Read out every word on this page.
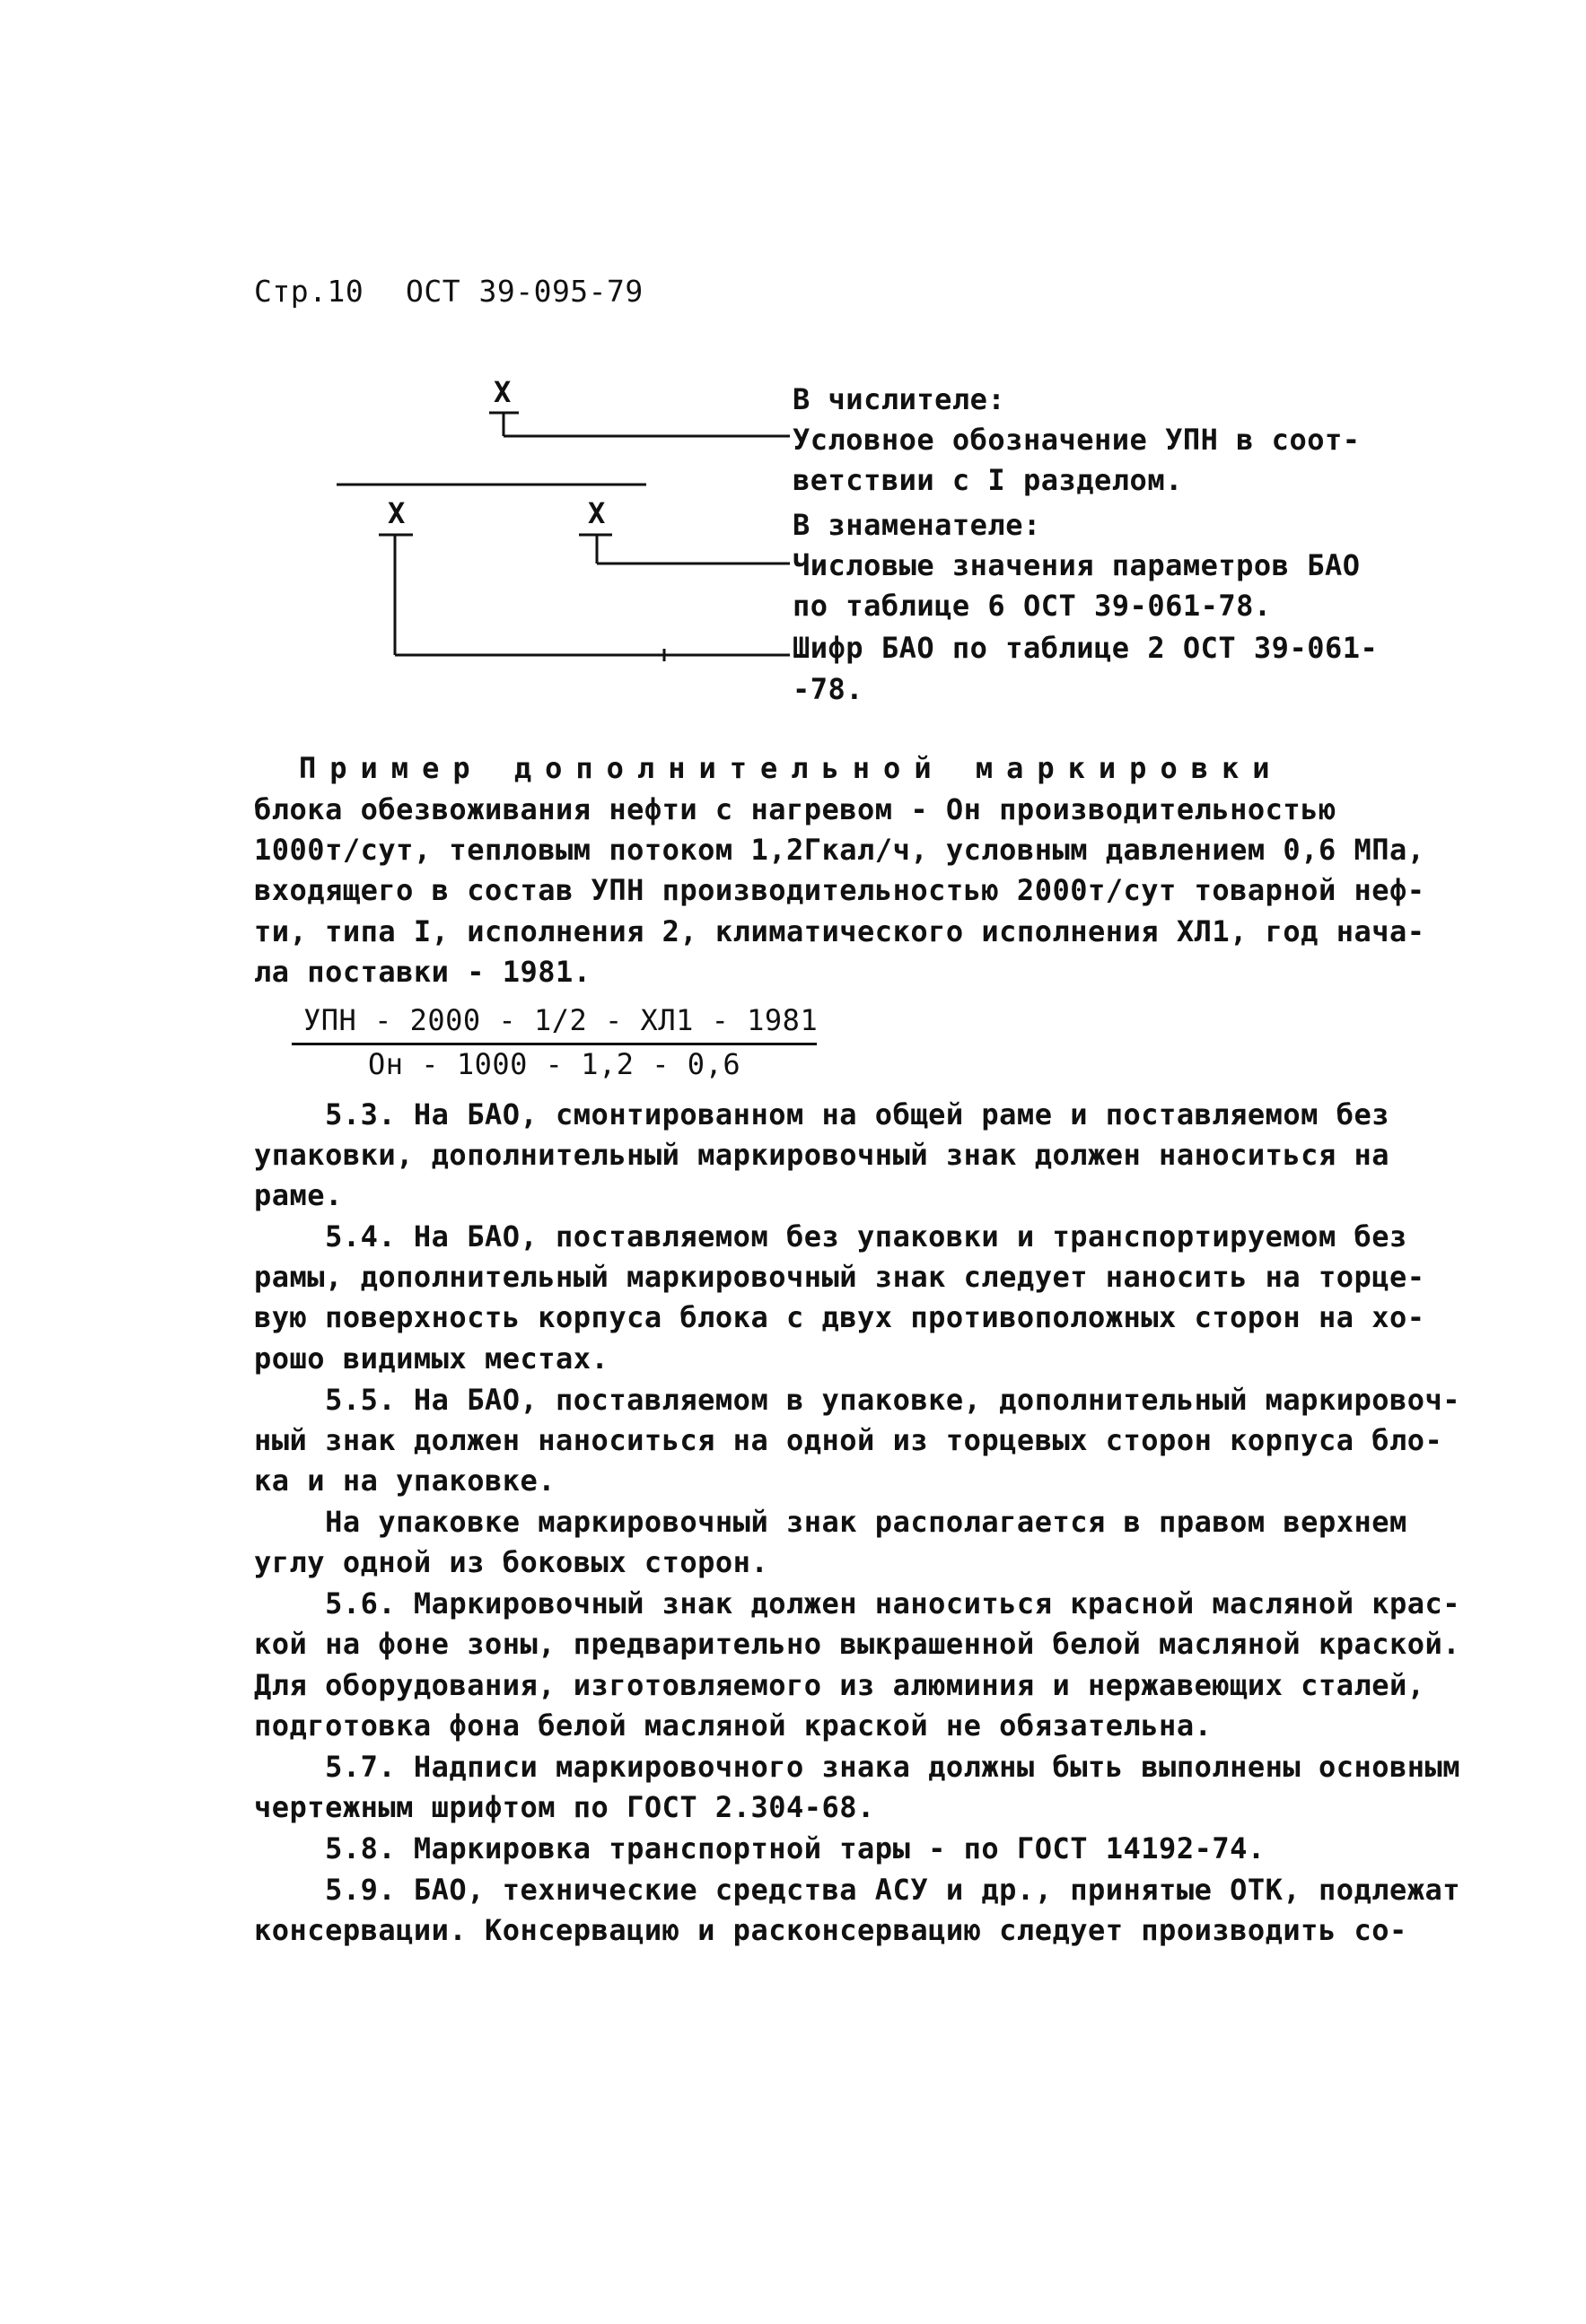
Стр.10 ОСТ 39-095-79
Х
Х	Х
В числителе:
Условное обозначение УПН в соот-
ветствии с I разделом.
В знаменателе:
Числовые значения параметров БАО
по таблице 6 ОСТ 39-061-78.
Шифр БАО по таблице 2 ОСТ 39-061-
-78.
Пример дополнительной маркировки
блока обезвоживания нефти с нагревом - Он производительностью
1000т/сут, тепловым потоком 1,2Гкал/ч, условным давлением 0,6 МПа,
входящего в состав УПН производительностью 2000т/сут товарной неф-
ти, типа I, исполнения 2, климатического исполнения ХЛ1, год нача-
ла поставки - 1981.
УПН - 2000 - 1/2 - ХЛ1 - 1981
Он - 1000 - 1,2 - 0,6
5.3. На БАО, смонтированном на общей раме и поставляемом без
упаковки, дополнительный маркировочный знак должен наноситься на
раме.
5.4. На БАО, поставляемом без упаковки и транспортируемом без
рамы, дополнительный маркировочный знак следует наносить на торце-
вую поверхность корпуса блока с двух противоположных сторон на хо-
рошо видимых местах.
5.5. На БАО, поставляемом в упаковке, дополнительный маркировоч-
ный знак должен наноситься на одной из торцевых сторон корпуса бло-
ка и на упаковке.
На упаковке маркировочный знак располагается в правом верхнем
углу одной из боковых сторон.
5.6. Маркировочный знак должен наноситься красной масляной крас-
кой на фоне зоны, предварительно выкрашенной белой масляной краской.
Для оборудования, изготовляемого из алюминия и нержавеющих сталей,
подготовка фона белой масляной краской не обязательна.
5.7. Надписи маркировочного знака должны быть выполнены основным
чертежным шрифтом по ГОСТ 2.304-68.
5.8. Маркировка транспортной тары - по ГОСТ 14192-74.
5.9. БАО, технические средства АСУ и др., принятые ОТК, подлежат
консервации. Консервацию и расконсервацию следует производить со-
